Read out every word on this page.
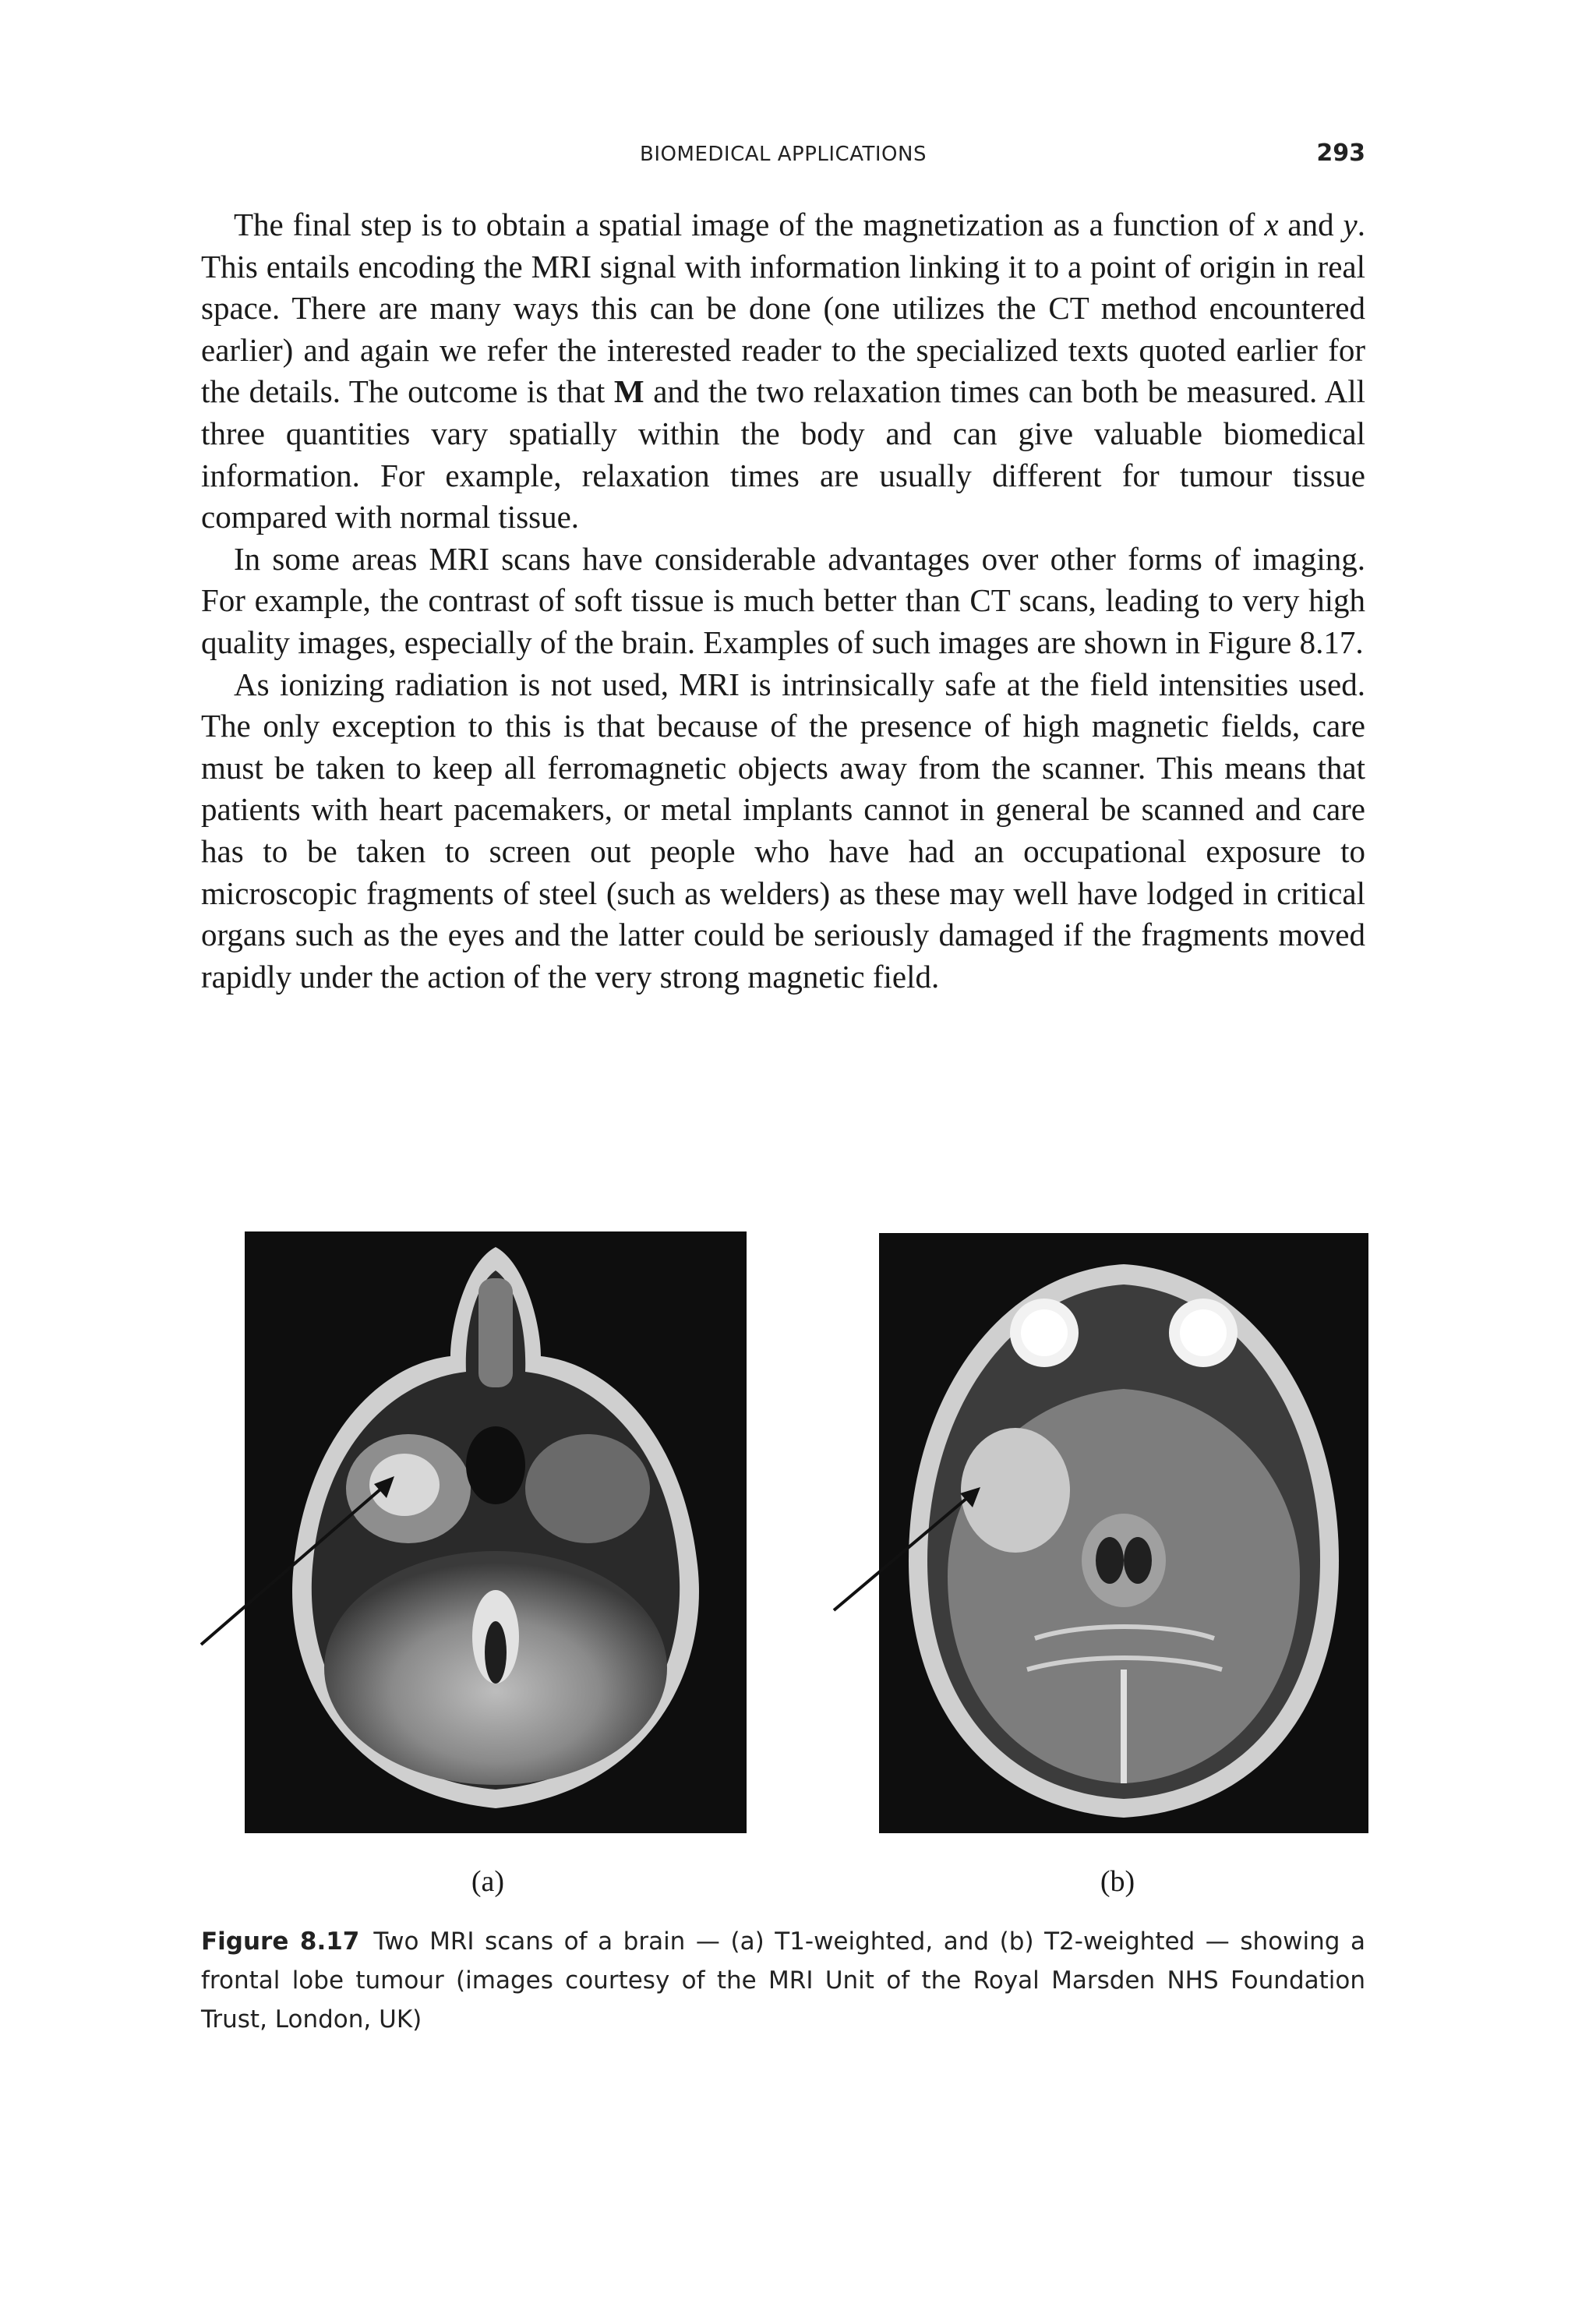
BIOMEDICAL APPLICATIONS	293

The final step is to obtain a spatial image of the magnetization as a function of x and y. This entails encoding the MRI signal with information linking it to a point of origin in real space. There are many ways this can be done (one utilizes the CT method encountered earlier) and again we refer the interested reader to the specialized texts quoted earlier for the details. The outcome is that M and the two relaxation times can both be measured. All three quantities vary spatially within the body and can give valuable biomedical information. For example, relaxation times are usually different for tumour tissue compared with normal tissue.

In some areas MRI scans have considerable advantages over other forms of imaging. For example, the contrast of soft tissue is much better than CT scans, leading to very high quality images, especially of the brain. Examples of such images are shown in Figure 8.17.

As ionizing radiation is not used, MRI is intrinsically safe at the field intensities used. The only exception to this is that because of the presence of high magnetic fields, care must be taken to keep all ferromagnetic objects away from the scanner. This means that patients with heart pacemakers, or metal implants cannot in general be scanned and care has to be taken to screen out people who have had an occupational exposure to microscopic fragments of steel (such as welders) as these may well have lodged in critical organs such as the eyes and the latter could be seriously damaged if the fragments moved rapidly under the action of the very strong magnetic field.

(a)	(b)
Figure 8.17 Two MRI scans of a brain — (a) T1-weighted, and (b) T2-weighted — showing a frontal lobe tumour (images courtesy of the MRI Unit of the Royal Marsden NHS Foundation Trust, London, UK)
